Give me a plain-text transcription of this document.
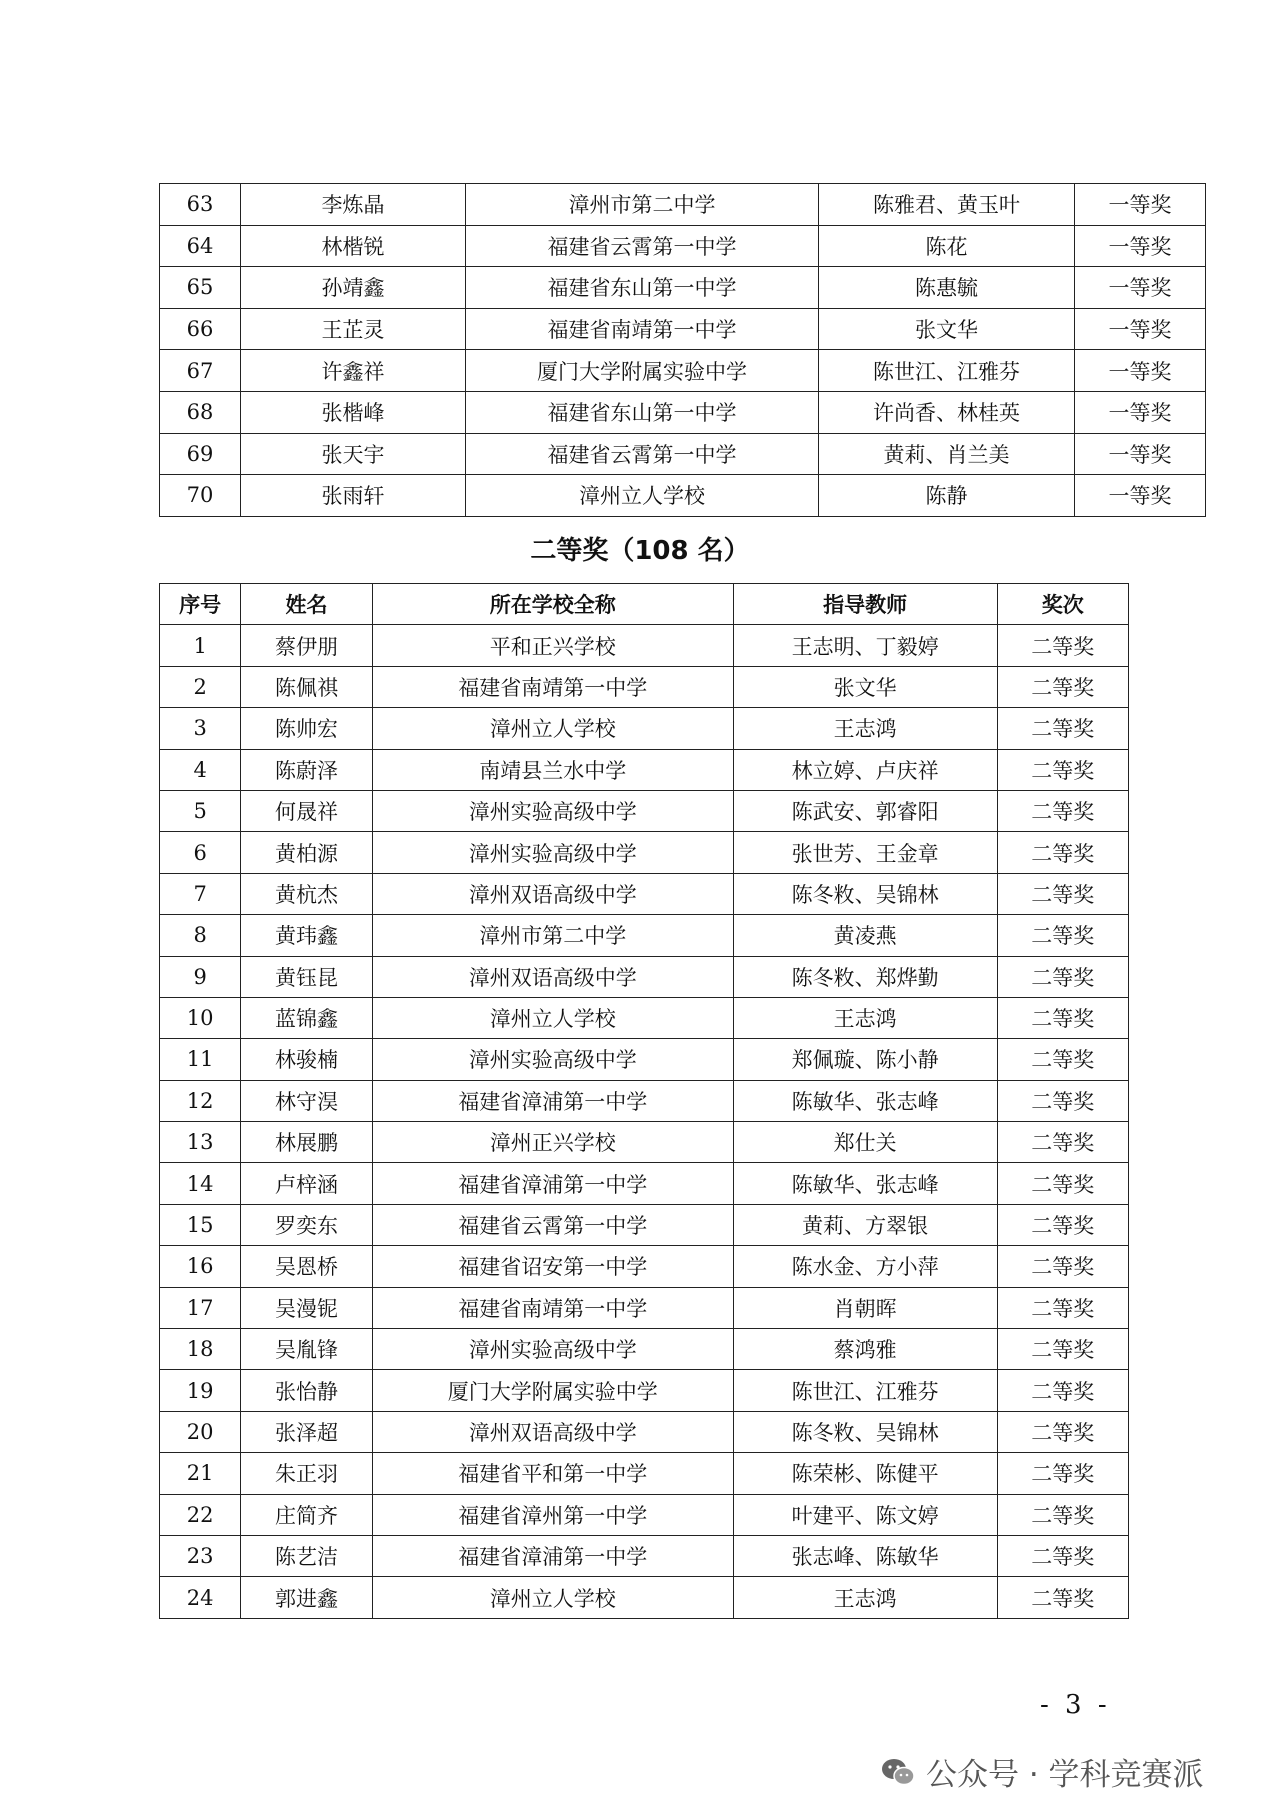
63	李炼晶	漳州市第二中学	陈雅君、黄玉叶	一等奖
64	林楷锐	福建省云霄第一中学	陈花	一等奖
65	孙靖鑫	福建省东山第一中学	陈惠毓	一等奖
66	王芷灵	福建省南靖第一中学	张文华	一等奖
67	许鑫祥	厦门大学附属实验中学	陈世江、江雅芬	一等奖
68	张楷峰	福建省东山第一中学	许尚香、林桂英	一等奖
69	张天宇	福建省云霄第一中学	黄莉、肖兰美	一等奖
70	张雨轩	漳州立人学校	陈静	一等奖
二等奖（108 名）
序号	姓名	所在学校全称	指导教师	奖次
1	蔡伊朋	平和正兴学校	王志明、丁毅婷	二等奖
2	陈佩祺	福建省南靖第一中学	张文华	二等奖
3	陈帅宏	漳州立人学校	王志鸿	二等奖
4	陈蔚泽	南靖县兰水中学	林立婷、卢庆祥	二等奖
5	何晟祥	漳州实验高级中学	陈武安、郭睿阳	二等奖
6	黄柏源	漳州实验高级中学	张世芳、王金章	二等奖
7	黄杭杰	漳州双语高级中学	陈冬敉、吴锦林	二等奖
8	黄玮鑫	漳州市第二中学	黄凌燕	二等奖
9	黄钰昆	漳州双语高级中学	陈冬敉、郑烨勤	二等奖
10	蓝锦鑫	漳州立人学校	王志鸿	二等奖
11	林骏楠	漳州实验高级中学	郑佩璇、陈小静	二等奖
12	林守淏	福建省漳浦第一中学	陈敏华、张志峰	二等奖
13	林展鹏	漳州正兴学校	郑仕关	二等奖
14	卢梓涵	福建省漳浦第一中学	陈敏华、张志峰	二等奖
15	罗奕东	福建省云霄第一中学	黄莉、方翠银	二等奖
16	吴恩桥	福建省诏安第一中学	陈水金、方小萍	二等奖
17	吴漫铌	福建省南靖第一中学	肖朝晖	二等奖
18	吴胤锋	漳州实验高级中学	蔡鸿雅	二等奖
19	张怡静	厦门大学附属实验中学	陈世江、江雅芬	二等奖
20	张泽超	漳州双语高级中学	陈冬敉、吴锦林	二等奖
21	朱正羽	福建省平和第一中学	陈荣彬、陈健平	二等奖
22	庄简齐	福建省漳州第一中学	叶建平、陈文婷	二等奖
23	陈艺洁	福建省漳浦第一中学	张志峰、陈敏华	二等奖
24	郭进鑫	漳州立人学校	王志鸿	二等奖
- 3 -
公众号 · 学科竞赛派
